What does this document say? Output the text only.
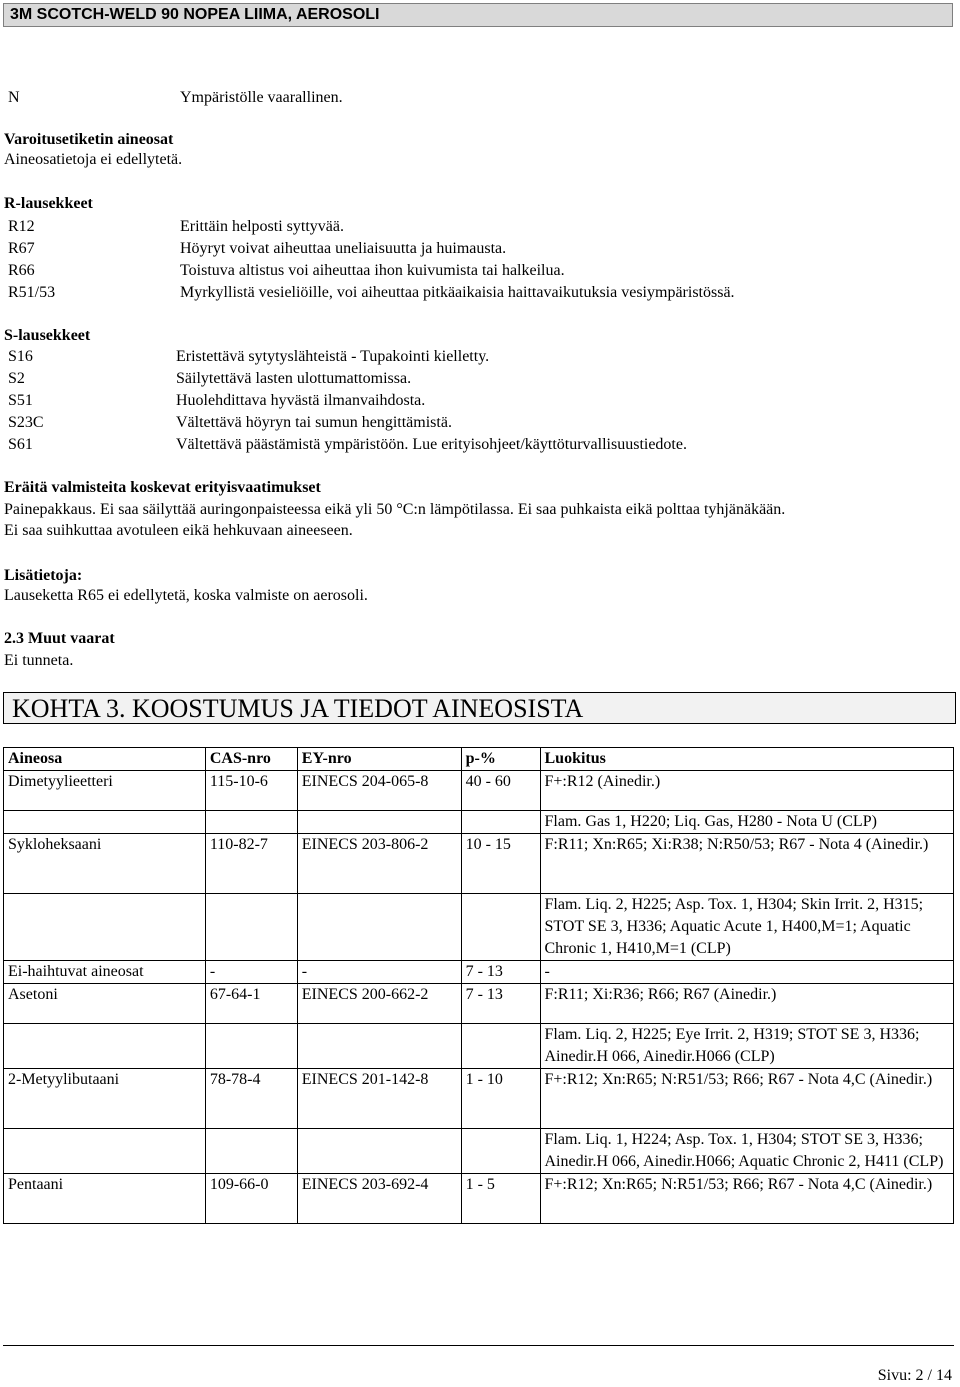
3M SCOTCH-WELD 90 NOPEA LIIMA, AEROSOLI
N	Ympäristölle vaarallinen.
Varoitusetiketin aineosat
Aineosatietoja ei edellytetä.
R-lausekkeet
R12	Erittäin helposti syttyvää.
R67	Höyryt voivat aiheuttaa uneliaisuutta ja huimausta.
R66	Toistuva altistus voi aiheuttaa ihon kuivumista tai halkeilua.
R51/53	Myrkyllistä vesieliöille, voi aiheuttaa pitkäaikaisia haittavaikutuksia vesiympäristössä.
S-lausekkeet
S16	Eristettävä sytytyslähteistä - Tupakointi kielletty.
S2	Säilytettävä lasten ulottumattomissa.
S51	Huolehdittava hyvästä ilmanvaihdosta.
S23C	Vältettävä höyryn tai sumun hengittämistä.
S61	Vältettävä päästämistä ympäristöön. Lue erityisohjeet/käyttöturvallisuustiedote.
Eräitä valmisteita koskevat erityisvaatimukset
Painepakkaus. Ei saa säilyttää auringonpaisteessa eikä yli 50 °C:n lämpötilassa. Ei saa puhkaista eikä polttaa tyhjänäkään.
Ei saa suihkuttaa avotuleen eikä hehkuvaan aineeseen.
Lisätietoja:
Lauseketta R65 ei edellytetä, koska valmiste on aerosoli.
2.3 Muut vaarat
Ei tunneta.
KOHTA 3. KOOSTUMUS JA TIEDOT AINEOSISTA
Aineosa	CAS-nro	EY-nro	p-%	Luokitus
Dimetyylieetteri	115-10-6	EINECS 204-065-8	40 - 60	F+:R12 (Ainedir.)
				Flam. Gas 1, H220; Liq. Gas, H280 - Nota U (CLP)
Sykloheksaani	110-82-7	EINECS 203-806-2	10 - 15	F:R11; Xn:R65; Xi:R38; N:R50/53; R67 - Nota 4 (Ainedir.)
				Flam. Liq. 2, H225; Asp. Tox. 1, H304; Skin Irrit. 2, H315; STOT SE 3, H336; Aquatic Acute 1, H400,M=1; Aquatic Chronic 1, H410,M=1 (CLP)
Ei-haihtuvat aineosat	-	-	7 - 13	-
Asetoni	67-64-1	EINECS 200-662-2	7 - 13	F:R11; Xi:R36; R66; R67 (Ainedir.)
				Flam. Liq. 2, H225; Eye Irrit. 2, H319; STOT SE 3, H336; Ainedir.H 066, Ainedir.H066 (CLP)
2-Metyylibutaani	78-78-4	EINECS 201-142-8	1 - 10	F+:R12; Xn:R65; N:R51/53; R66; R67 - Nota 4,C (Ainedir.)
				Flam. Liq. 1, H224; Asp. Tox. 1, H304; STOT SE 3, H336; Ainedir.H 066, Ainedir.H066; Aquatic Chronic 2, H411 (CLP)
Pentaani	109-66-0	EINECS 203-692-4	1 - 5	F+:R12; Xn:R65; N:R51/53; R66; R67 - Nota 4,C (Ainedir.)
Sivu: 2 / 14
